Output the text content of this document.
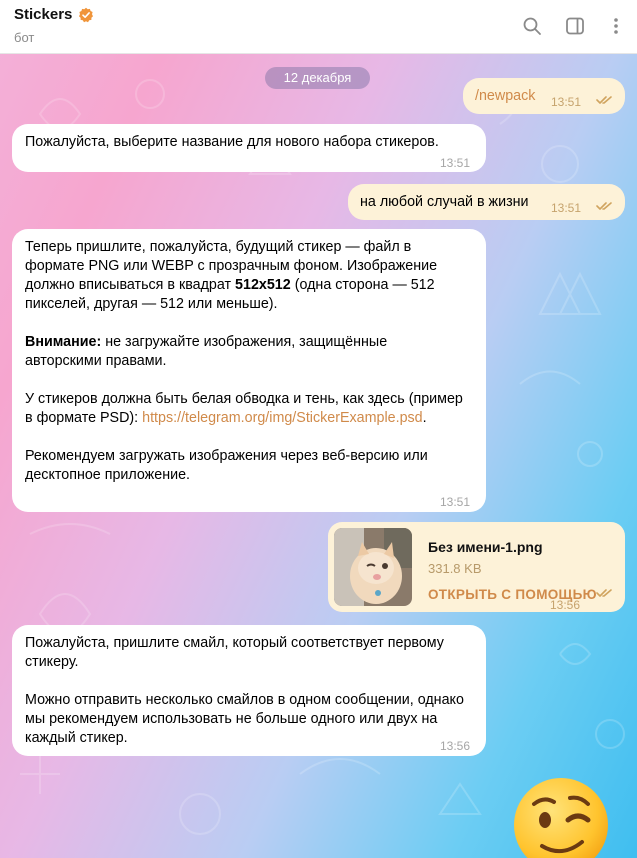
Stickers
бот
12 декабря
/newpack 13:51
Пожалуйста, выберите название для нового набора стикеров.
13:51
на любой случай в жизни 13:51

Теперь пришлите, пожалуйста, будущий стикер — файл в формате PNG или WEBP с прозрачным фоном. Изображение должно вписываться в квадрат 512x512 (одна сторона — 512 пикселей, другая — 512 или меньше).

Внимание: не загружайте изображения, защищённые авторскими правами.

У стикеров должна быть белая обводка и тень, как здесь (пример в формате PSD): https://telegram.org/img/StickerExample.psd.

Рекомендуем загружать изображения через веб-версию или десктопное приложение.

13:51
Без имени-1.png
331.8 KB
ОТКРЫТЬ С ПОМОЩЬЮ
13:56

Пожалуйста, пришлите смайл, который соответствует первому стикеру.

Можно отправить несколько смайлов в одном сообщении, однако мы рекомендуем использовать не больше одного или двух на каждый стикер.	13:56
